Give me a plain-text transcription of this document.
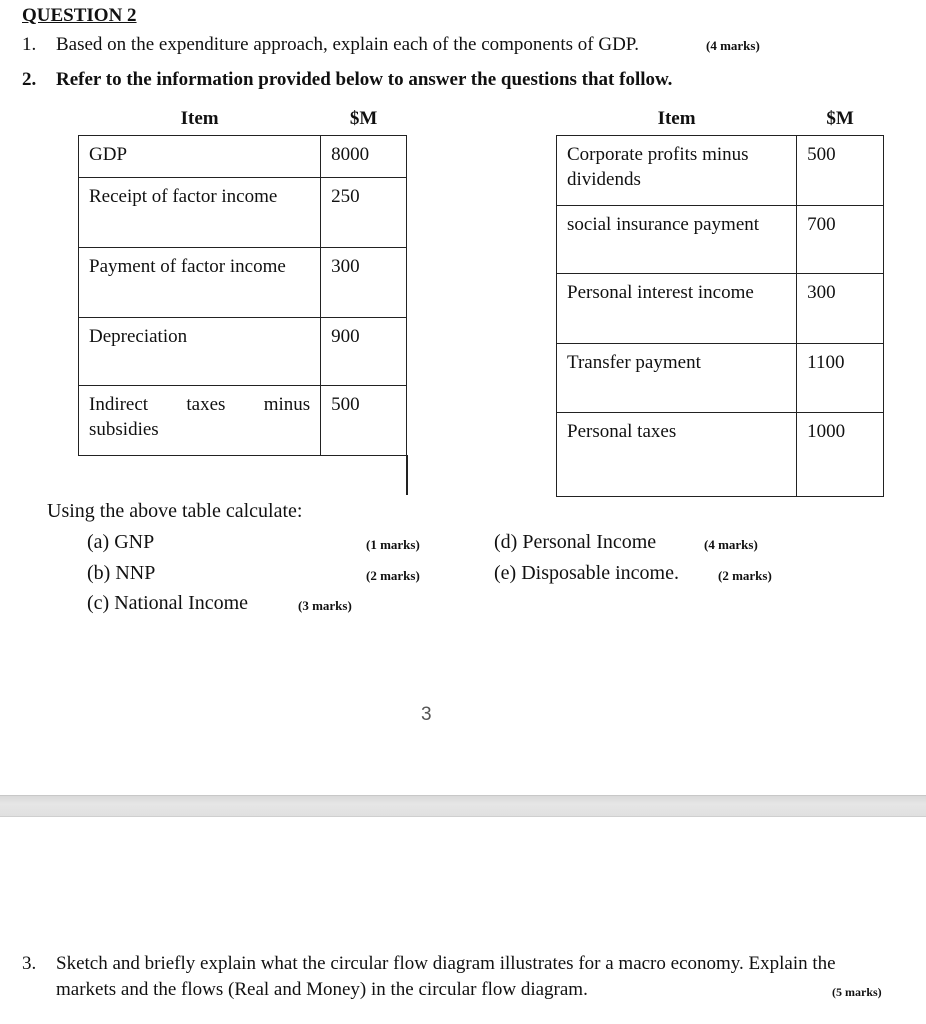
QUESTION 2
1. Based on the expenditure approach, explain each of the components of GDP.	(4 marks)
2. Refer to the information provided below to answer the questions that follow.
Item	$M
GDP	8000
Receipt of factor income	250
Payment of factor income	300
Depreciation	900
Indirect taxes minus subsidies	500
Item	$M
Corporate profits minus dividends	500
social insurance payment	700
Personal interest income	300
Transfer payment	1100
Personal taxes	1000
Using the above table calculate:
(a) GNP	(1 marks)
(b) NNP	(2 marks)
(c) National Income	(3 marks)
(d) Personal Income	(4 marks)
(e) Disposable income.	(2 marks)
3
3. Sketch and briefly explain what the circular flow diagram illustrates for a macro economy. Explain the
markets and the flows (Real and Money) in the circular flow diagram.	(5 marks)
